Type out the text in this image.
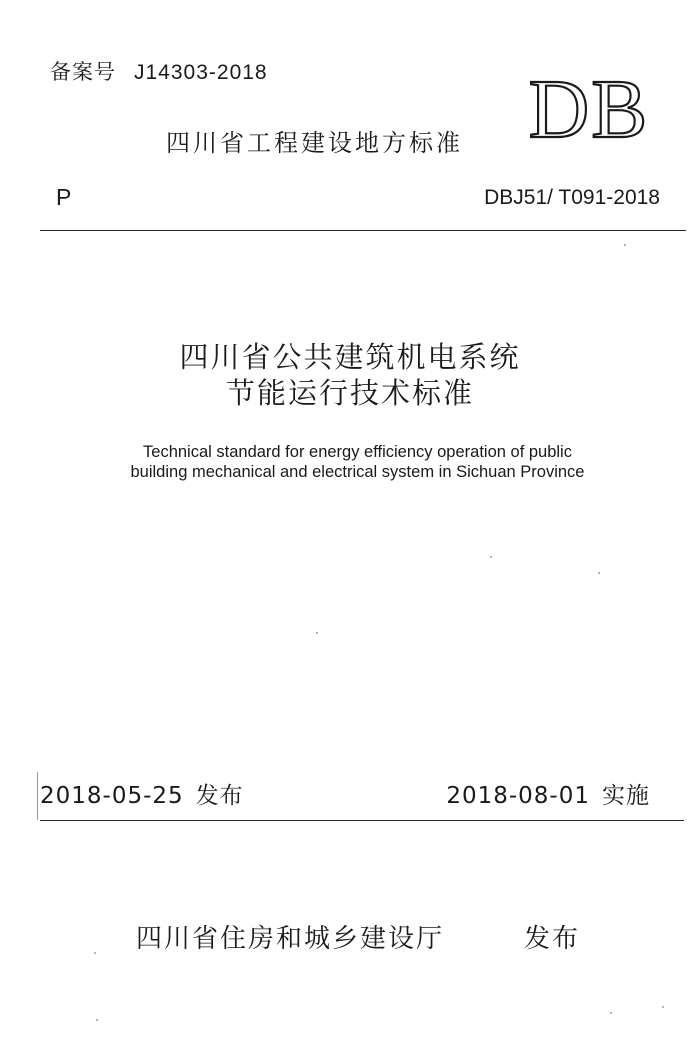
备案号 J14303-2018
四川省工程建设地方标准 DB
P	DBJ51/ T091-2018
四川省公共建筑机电系统
节能运行技术标准
Technical standard for energy efficiency operation of public
building mechanical and electrical system in Sichuan Province
2018-05-25 发布	2018-08-01 实施
四川省住房和城乡建设厅	发布
